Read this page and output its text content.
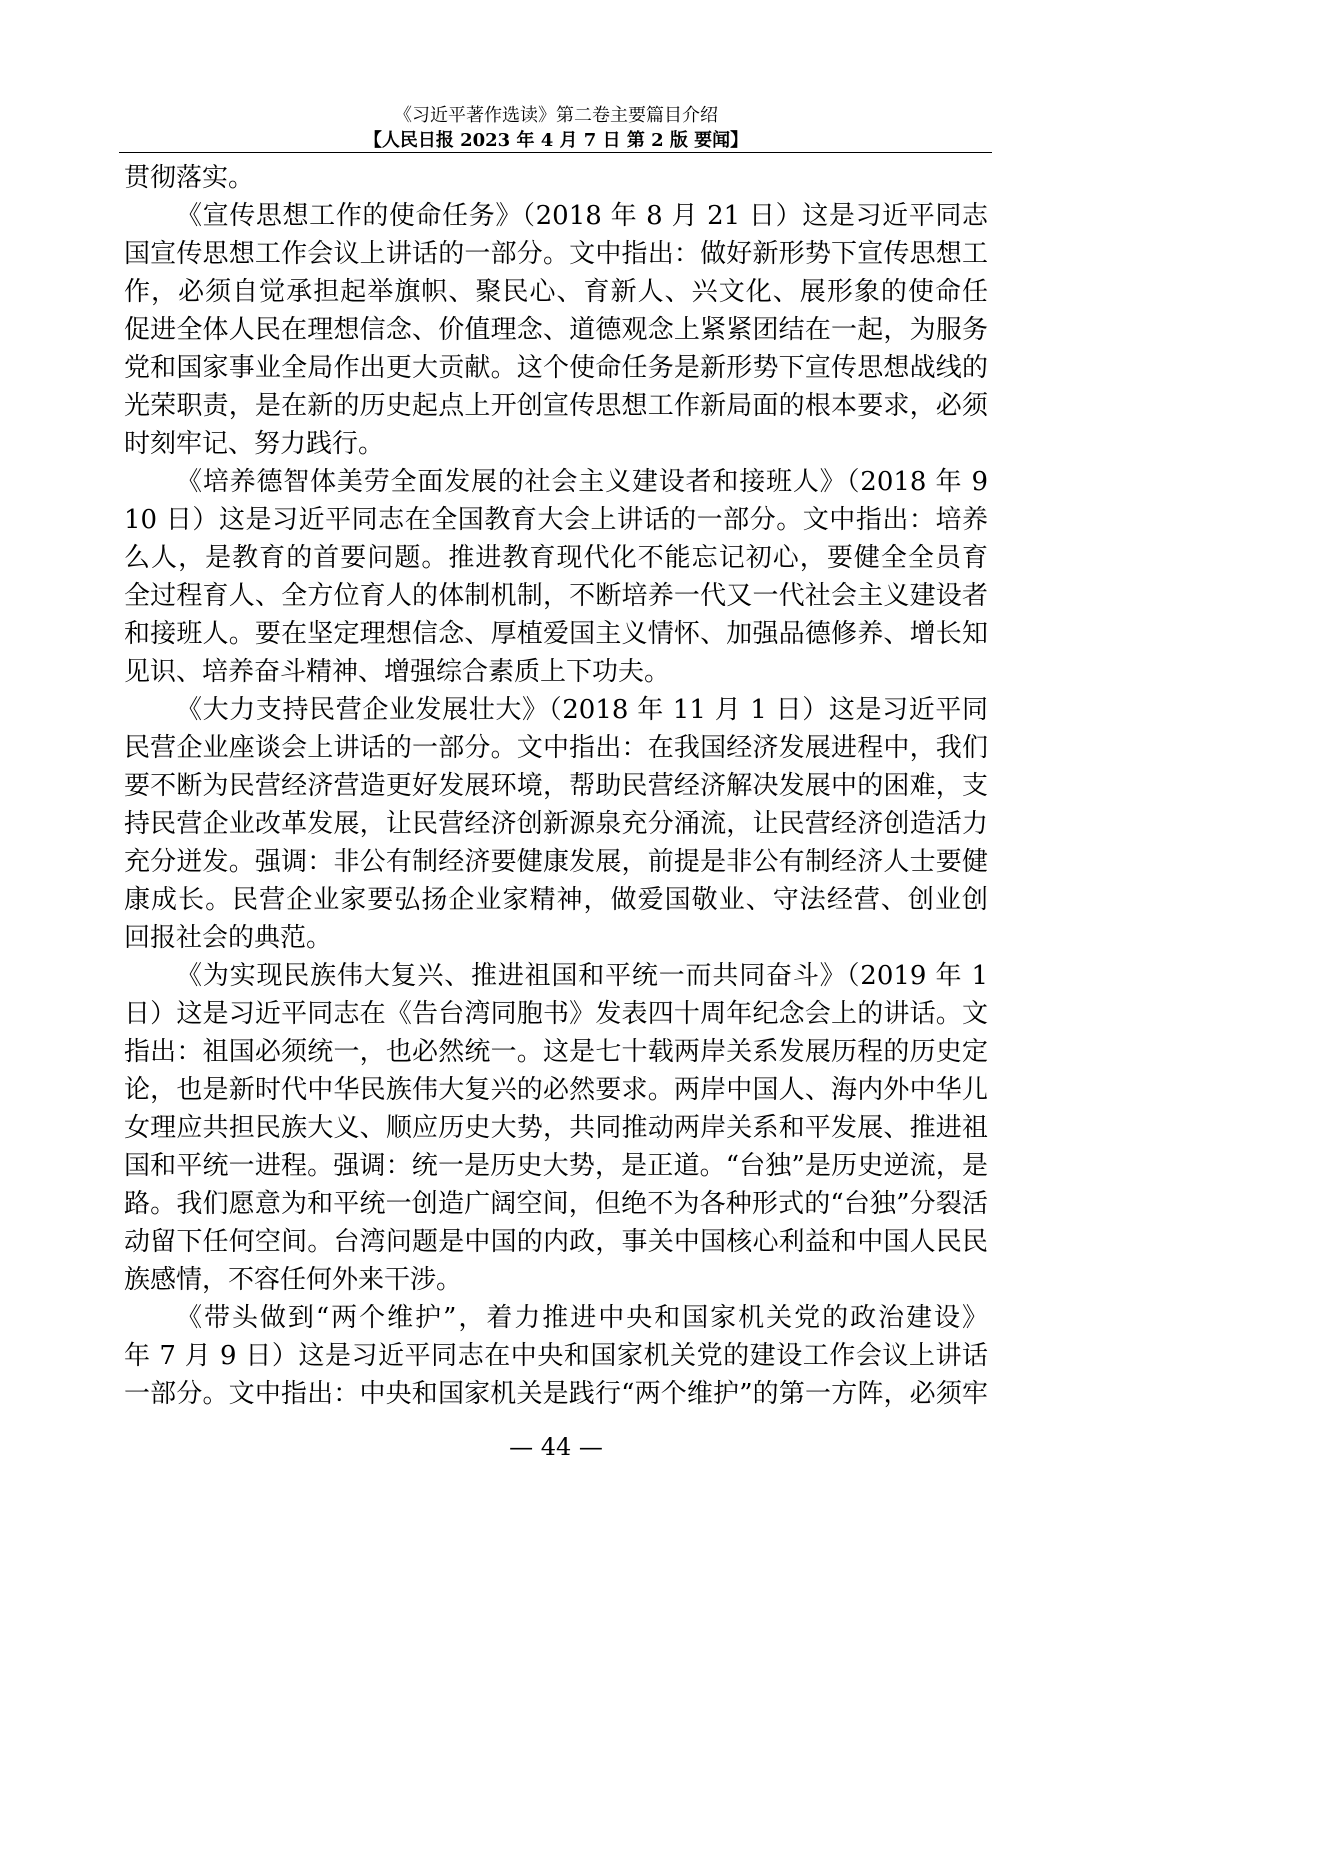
《习近平著作选读》第二卷主要篇目介绍
【人民日报 2023 年 4 月 7 日 第 2 版 要闻】
贯彻落实。
《宣传思想工作的使命任务》（2018 年 8 月 21 日）这是习近平同志
国宣传思想工作会议上讲话的一部分。文中指出：做好新形势下宣传思想工
作，必须自觉承担起举旗帜、聚民心、育新人、兴文化、展形象的使命任
促进全体人民在理想信念、价值理念、道德观念上紧紧团结在一起，为服务
党和国家事业全局作出更大贡献。这个使命任务是新形势下宣传思想战线的
光荣职责，是在新的历史起点上开创宣传思想工作新局面的根本要求，必须
时刻牢记、努力践行。
《培养德智体美劳全面发展的社会主义建设者和接班人》（2018 年 9
10 日）这是习近平同志在全国教育大会上讲话的一部分。文中指出：培养
么人，是教育的首要问题。推进教育现代化不能忘记初心，要健全全员育
全过程育人、全方位育人的体制机制，不断培养一代又一代社会主义建设者
和接班人。要在坚定理想信念、厚植爱国主义情怀、加强品德修养、增长知
见识、培养奋斗精神、增强综合素质上下功夫。
《大力支持民营企业发展壮大》（2018 年 11 月 1 日）这是习近平同
民营企业座谈会上讲话的一部分。文中指出：在我国经济发展进程中，我们
要不断为民营经济营造更好发展环境，帮助民营经济解决发展中的困难，支
持民营企业改革发展，让民营经济创新源泉充分涌流，让民营经济创造活力
充分迸发。强调：非公有制经济要健康发展，前提是非公有制经济人士要健
康成长。民营企业家要弘扬企业家精神，做爱国敬业、守法经营、创业创
回报社会的典范。
《为实现民族伟大复兴、推进祖国和平统一而共同奋斗》（2019 年 1
日）这是习近平同志在《告台湾同胞书》发表四十周年纪念会上的讲话。文
指出：祖国必须统一，也必然统一。这是七十载两岸关系发展历程的历史定
论，也是新时代中华民族伟大复兴的必然要求。两岸中国人、海内外中华儿
女理应共担民族大义、顺应历史大势，共同推动两岸关系和平发展、推进祖
国和平统一进程。强调：统一是历史大势，是正道。“台独”是历史逆流，是
路。我们愿意为和平统一创造广阔空间，但绝不为各种形式的“台独”分裂活
动留下任何空间。台湾问题是中国的内政，事关中国核心利益和中国人民民
族感情，不容任何外来干涉。
《带头做到“两个维护”，着力推进中央和国家机关党的政治建设》
年 7 月 9 日）这是习近平同志在中央和国家机关党的建设工作会议上讲话
一部分。文中指出：中央和国家机关是践行“两个维护”的第一方阵，必须牢
— 44 —
